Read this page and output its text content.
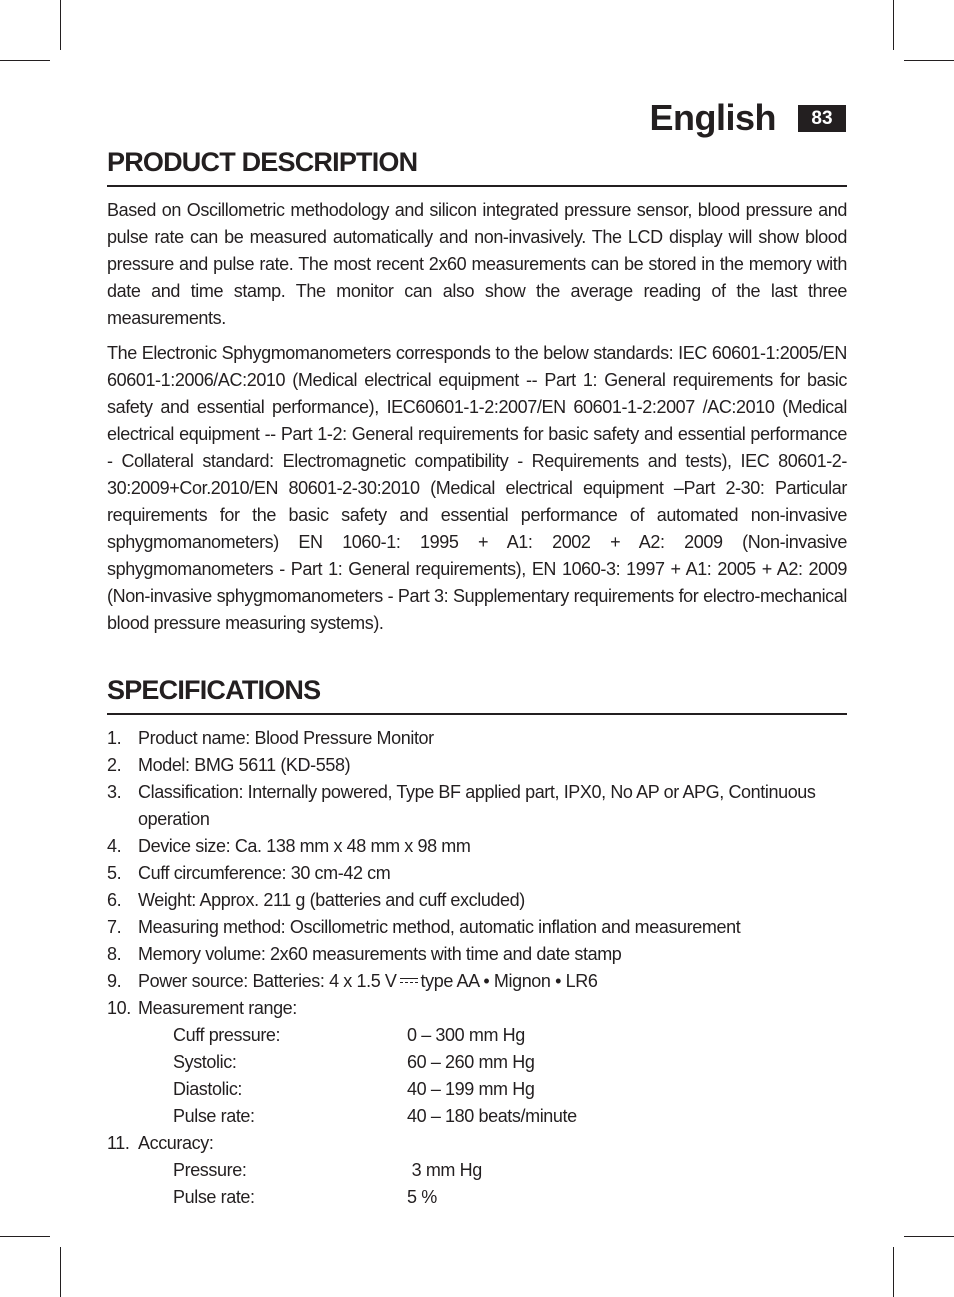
English	83
PRODUCT DESCRIPTION

Based on Oscillometric methodology and silicon integrated pressure sensor, blood pressure and pulse rate can be measured automatically and non-invasively. The LCD display will show blood pressure and pulse rate. The most recent 2x60 measurements can be stored in the memory with date and time stamp. The monitor can also show the average reading of the last three measurements.

The Electronic Sphygmomanometers corresponds to the below standards: IEC 60601-1:2005/EN 60601-1:2006/AC:2010 (Medical electrical equipment -- Part 1: General requirements for basic safety and essential performance), IEC60601-1-2:2007/EN 60601-1-2:2007 /AC:2010 (Medical electrical equipment -- Part 1-2: General requirements for basic safety and essential performance - Collateral standard: Electromagnetic compatibility - Requirements and tests), IEC 80601-2-30:2009+Cor.2010/EN 80601-2-30:2010 (Medical electrical equipment –Part 2-30: Particular requirements for the basic safety and essential performance of automated non-invasive sphygmomanometers) EN 1060-1: 1995 + A1: 2002 + A2: 2009 (Non-invasive sphygmomanometers - Part 1: General requirements), EN 1060-3: 1997 + A1: 2005 + A2: 2009 (Non-invasive sphygmomanometers - Part 3: Supplementary requirements for electro-mechanical blood pressure measuring systems).

SPECIFICATIONS
1. Product name: Blood Pressure Monitor
2. Model: BMG 5611 (KD-558)
3. Classification: Internally powered, Type BF applied part, IPX0, No AP or APG, Continuous operation
4. Device size: Ca. 138 mm x 48 mm x 98 mm
5. Cuff circumference: 30 cm-42 cm
6. Weight: Approx. 211 g (batteries and cuff excluded)
7. Measuring method: Oscillometric method, automatic inflation and measurement
8. Memory volume: 2x60 measurements with time and date stamp
9. Power source: Batteries: 4 x 1.5 V type AA • Mignon • LR6
10. Measurement range:
Cuff pressure:	0 – 300 mm Hg
Systolic:	60 – 260 mm Hg
Diastolic:	40 – 199 mm Hg
Pulse rate:	40 – 180 beats/minute
11. Accuracy:
Pressure:	3 mm Hg
Pulse rate:	5 %
